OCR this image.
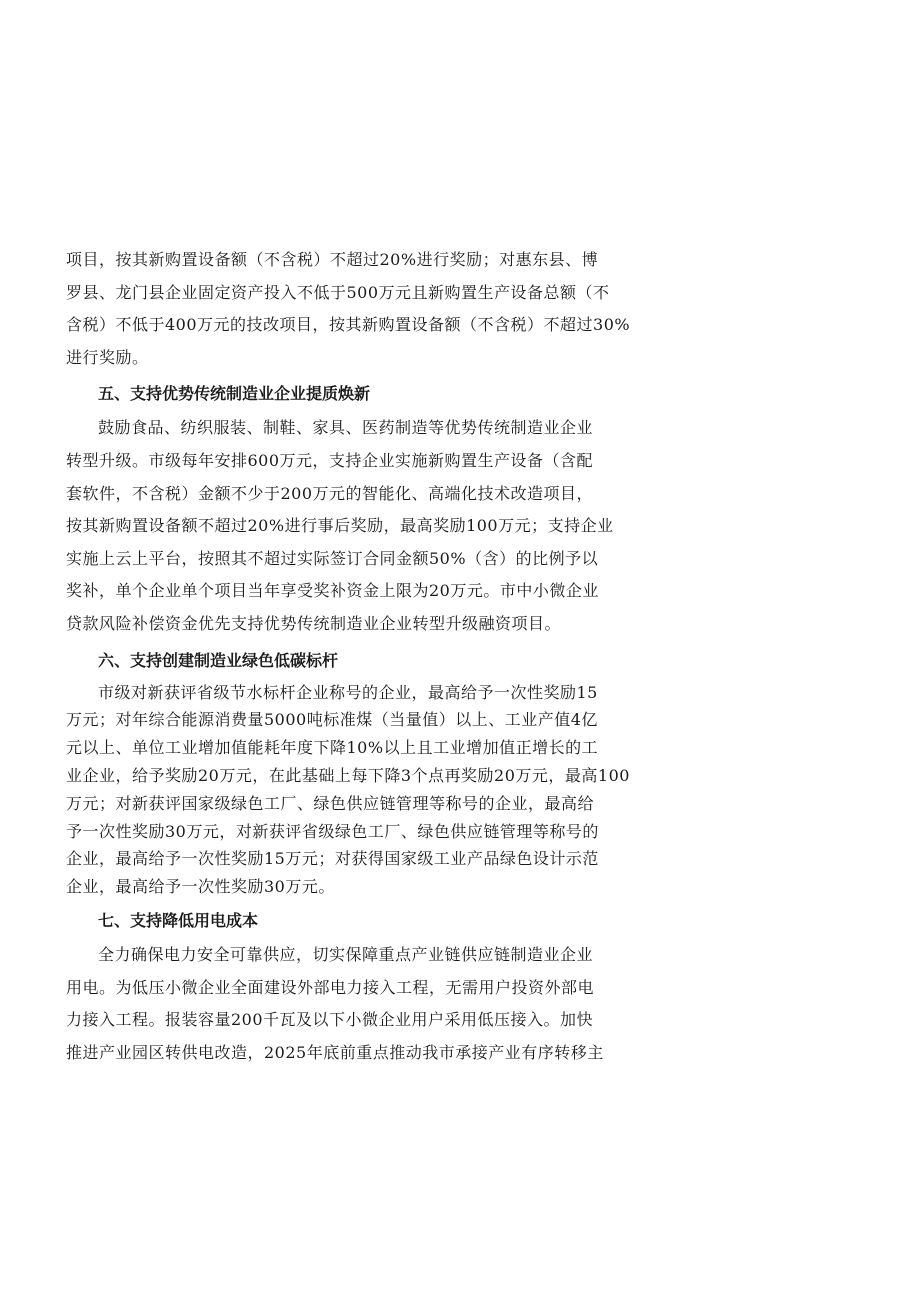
项目，按其新购置设备额（不含税）不超过20%进行奖励；对惠东县、博
罗县、龙门县企业固定资产投入不低于500万元且新购置生产设备总额（不
含税）不低于400万元的技改项目，按其新购置设备额（不含税）不超过30%
进行奖励。
五、支持优势传统制造业企业提质焕新
鼓励食品、纺织服装、制鞋、家具、医药制造等优势传统制造业企业
转型升级。市级每年安排600万元，支持企业实施新购置生产设备（含配
套软件，不含税）金额不少于200万元的智能化、高端化技术改造项目，
按其新购置设备额不超过20%进行事后奖励，最高奖励100万元；支持企业
实施上云上平台，按照其不超过实际签订合同金额50%（含）的比例予以
奖补，单个企业单个项目当年享受奖补资金上限为20万元。市中小微企业
贷款风险补偿资金优先支持优势传统制造业企业转型升级融资项目。
六、支持创建制造业绿色低碳标杆
市级对新获评省级节水标杆企业称号的企业，最高给予一次性奖励15
万元；对年综合能源消费量5000吨标准煤（当量值）以上、工业产值4亿
元以上、单位工业增加值能耗年度下降10%以上且工业增加值正增长的工
业企业，给予奖励20万元，在此基础上每下降3个点再奖励20万元，最高100
万元；对新获评国家级绿色工厂、绿色供应链管理等称号的企业，最高给
予一次性奖励30万元，对新获评省级绿色工厂、绿色供应链管理等称号的
企业，最高给予一次性奖励15万元；对获得国家级工业产品绿色设计示范
企业，最高给予一次性奖励30万元。
七、支持降低用电成本
全力确保电力安全可靠供应，切实保障重点产业链供应链制造业企业
用电。为低压小微企业全面建设外部电力接入工程，无需用户投资外部电
力接入工程。报装容量200千瓦及以下小微企业用户采用低压接入。加快
推进产业园区转供电改造，2025年底前重点推动我市承接产业有序转移主
